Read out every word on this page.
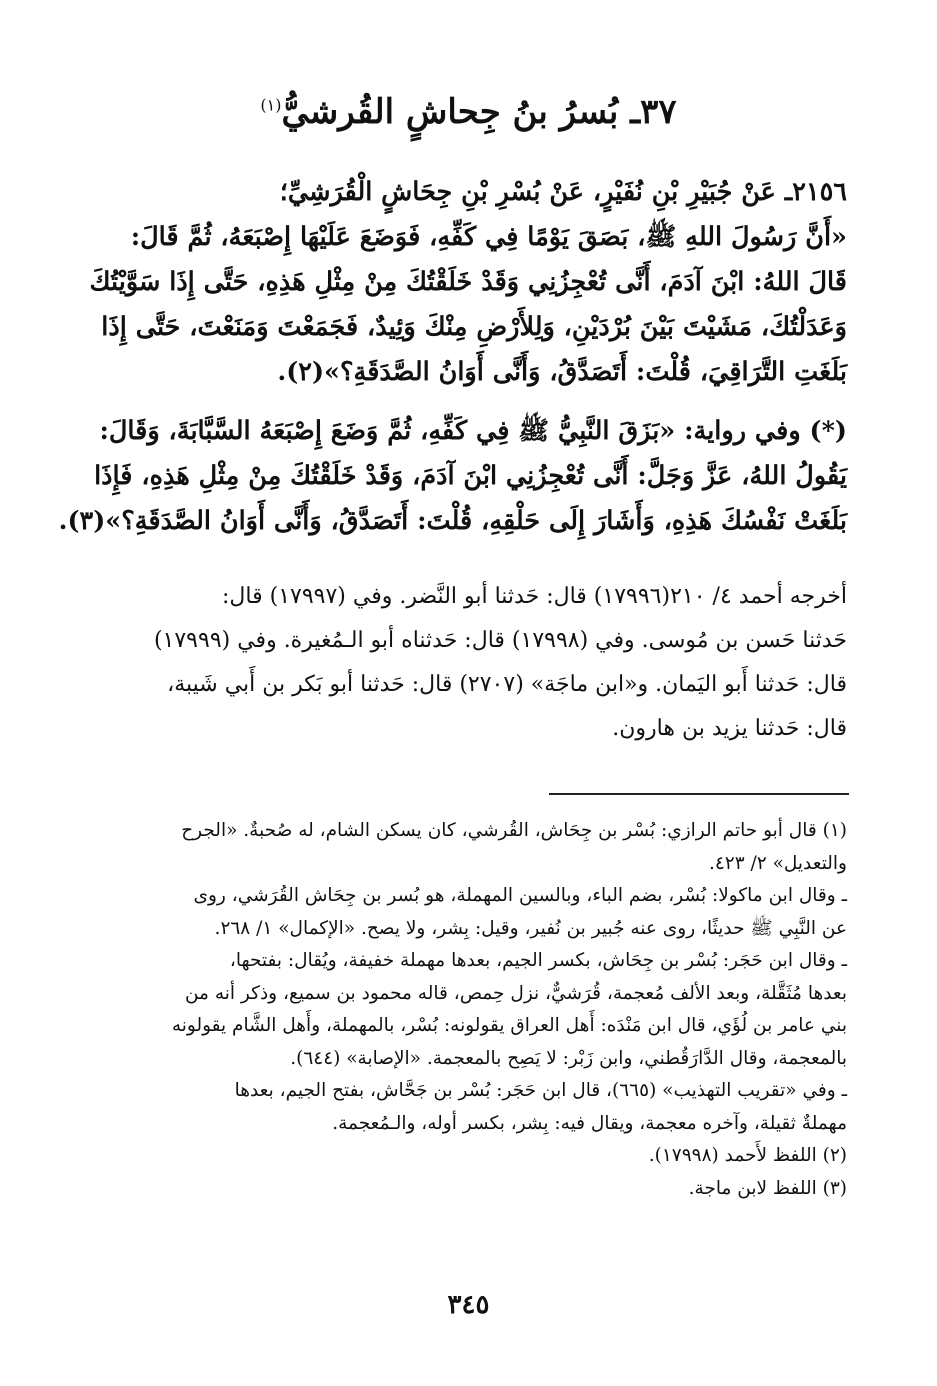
٣٧ـ بُسرُ بنُ جِحاشٍ القُرشيُّ$^{(١)}$
٢١٥٦ـ عَنْ جُبَيْرِ بْنِ نُفَيْرٍ، عَنْ بُسْرِ بْنِ جِحَاشٍ الْقُرَشِيِّ؛
«أَنَّ رَسُولَ اللهِ ﷺ، بَصَقَ يَوْمًا فِي كَفِّهِ، فَوَضَعَ عَلَيْهَا إِصْبَعَهُ، ثُمَّ قَالَ:
قَالَ اللهُ: ابْنَ آدَمَ، أَنَّى تُعْجِزُنِي وَقَدْ خَلَقْتُكَ مِنْ مِثْلِ هَذِهِ، حَتَّى إِذَا سَوَّيْتُكَ
وَعَدَلْتُكَ، مَشَيْتَ بَيْنَ بُرْدَيْنِ، وَلِلأَرْضِ مِنْكَ وَئِيدٌ، فَجَمَعْتَ وَمَنَعْتَ، حَتَّى إِذَا
بَلَغَتِ التَّرَاقِيَ، قُلْتَ: أَتَصَدَّقُ، وَأَنَّى أَوَانُ الصَّدَقَةِ؟»(٢).
(*) وفي رواية: «بَزَقَ النَّبِيُّ ﷺ فِي كَفِّهِ، ثُمَّ وَضَعَ إِصْبَعَهُ السَّبَّابَةَ، وَقَالَ:
يَقُولُ اللهُ، عَزَّ وَجَلَّ: أَنَّى تُعْجِزُنِي ابْنَ آدَمَ، وَقَدْ خَلَقْتُكَ مِنْ مِثْلِ هَذِهِ، فَإِذَا
بَلَغَتْ نَفْسُكَ هَذِهِ، وَأَشَارَ إِلَى حَلْقِهِ، قُلْتَ: أَتَصَدَّقُ، وَأَنَّى أَوَانُ الصَّدَقَةِ؟»(٣).
أخرجه أحمد ٤/ ٢١٠(١٧٩٩٦) قال: حَدثنا أبو النَّضر. وفي (١٧٩٩٧) قال:
حَدثنا حَسن بن مُوسى. وفي (١٧٩٩٨) قال: حَدثناه أبو الـمُغيرة. وفي (١٧٩٩٩)
قال: حَدثنا أَبو اليَمان. و«ابن ماجَة» (٢٧٠٧) قال: حَدثنا أبو بَكر بن أَبي شَيبة،
قال: حَدثنا يزيد بن هارون.
(١) قال أبو حاتم الرازي: بُسْر بن جِحَاش، القُرشي، كان يسكن الشام، له صُحبةٌ. «الجرح
والتعديل» ٢/ ٤٢٣.
ـ وقال ابن ماكولا: بُسْر، بضم الباء، وبالسين المهملة، هو بُسر بن جِحَاش القُرَشي، روى
عن النَّبِي ﷺ حديثًا، روى عنه جُبير بن نُفير، وقيل: بِشر، ولا يصح. «الإكمال» ١/ ٢٦٨.
ـ وقال ابن حَجَر: بُسْر بن جِحَاش، بكسر الجيم، بعدها مهملة خفيفة، ويُقال: بفتحها،
بعدها مُثَقَّلة، وبعد الألف مُعجمة، قُرَشيٌّ، نزل حِمص، قاله محمود بن سميع، وذكر أنه من
بني عامر بن لُؤَي، قال ابن مَنْدَه: أَهل العراق يقولونه: بُسْر، بالمهملة، وأَهل الشَّام يقولونه
بالمعجمة، وقال الدَّارَقُطني، وابن زَبْر: لا يَصِح بالمعجمة. «الإصابة» (٦٤٤).
ـ وفي «تقريب التهذيب» (٦٦٥)، قال ابن حَجَر: بُسْر بن جَحَّاش، بفتح الجيم، بعدها
مهملةٌ ثقيلة، وآخره معجمة، ويقال فيه: بِشر، بكسر أوله، والـمُعجمة.
(٢) اللفظ لأَحمد (١٧٩٩٨).
(٣) اللفظ لابن ماجة.
٣٤٥
